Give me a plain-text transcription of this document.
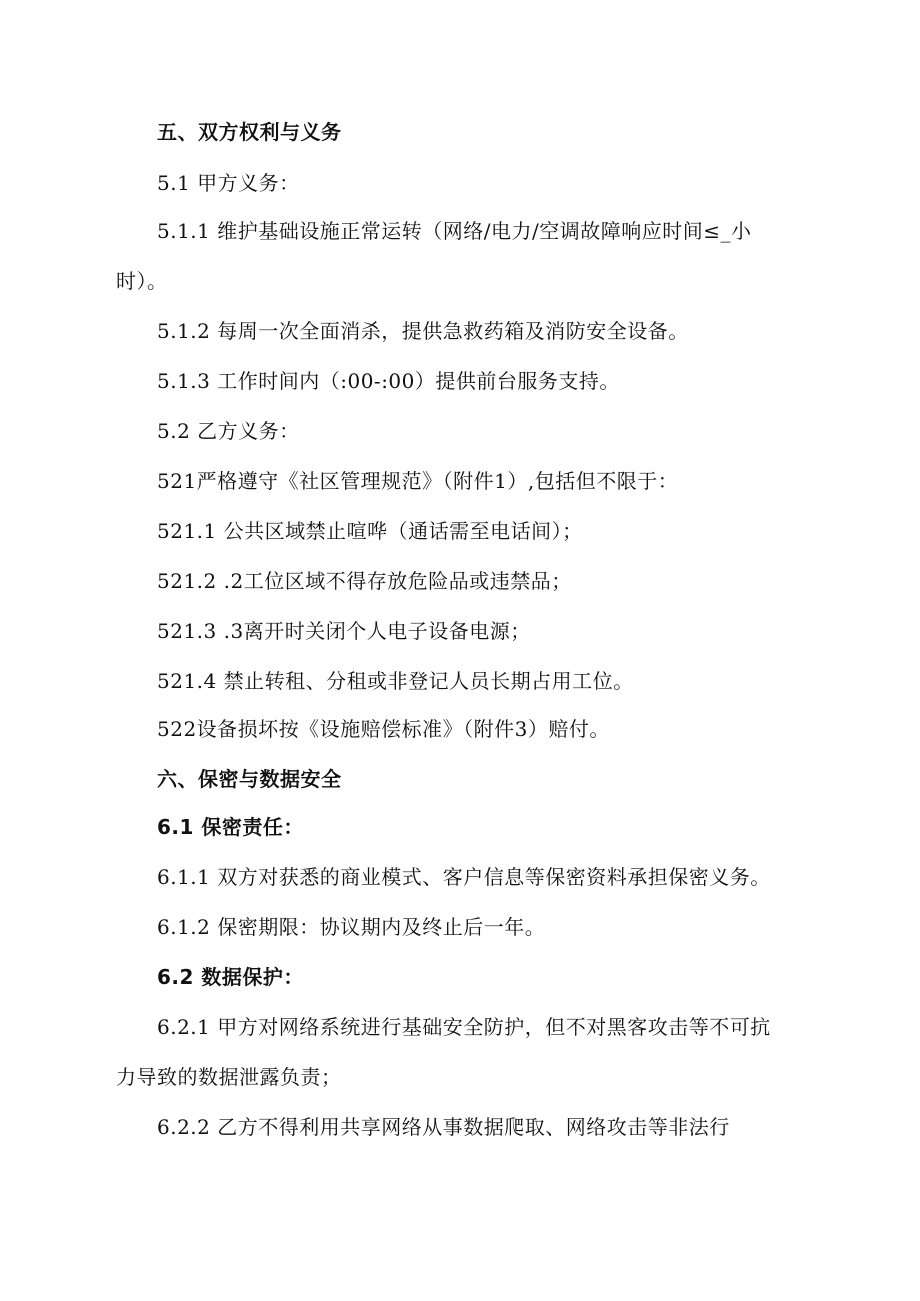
五、双方权利与义务
5.1 甲方义务：
5.1.1 维护基础设施正常运转（网络/电力/空调故障响应时间≤_小
时）。
5.1.2 每周一次全面消杀，提供急救药箱及消防安全设备。
5.1.3 工作时间内（:00-:00）提供前台服务支持。
5.2 乙方义务：
521严格遵守《社区管理规范》（附件1）,包括但不限于：
521.1 公共区域禁止喧哗（通话需至电话间）；
521.2 .2工位区域不得存放危险品或违禁品；
521.3 .3离开时关闭个人电子设备电源；
521.4 禁止转租、分租或非登记人员长期占用工位。
522设备损坏按《设施赔偿标准》（附件3）赔付。
六、保密与数据安全
6.1 保密责任：
6.1.1 双方对获悉的商业模式、客户信息等保密资料承担保密义务。
6.1.2 保密期限：协议期内及终止后一年。
6.2 数据保护：
6.2.1 甲方对网络系统进行基础安全防护，但不对黑客攻击等不可抗
力导致的数据泄露负责；
6.2.2 乙方不得利用共享网络从事数据爬取、网络攻击等非法行
